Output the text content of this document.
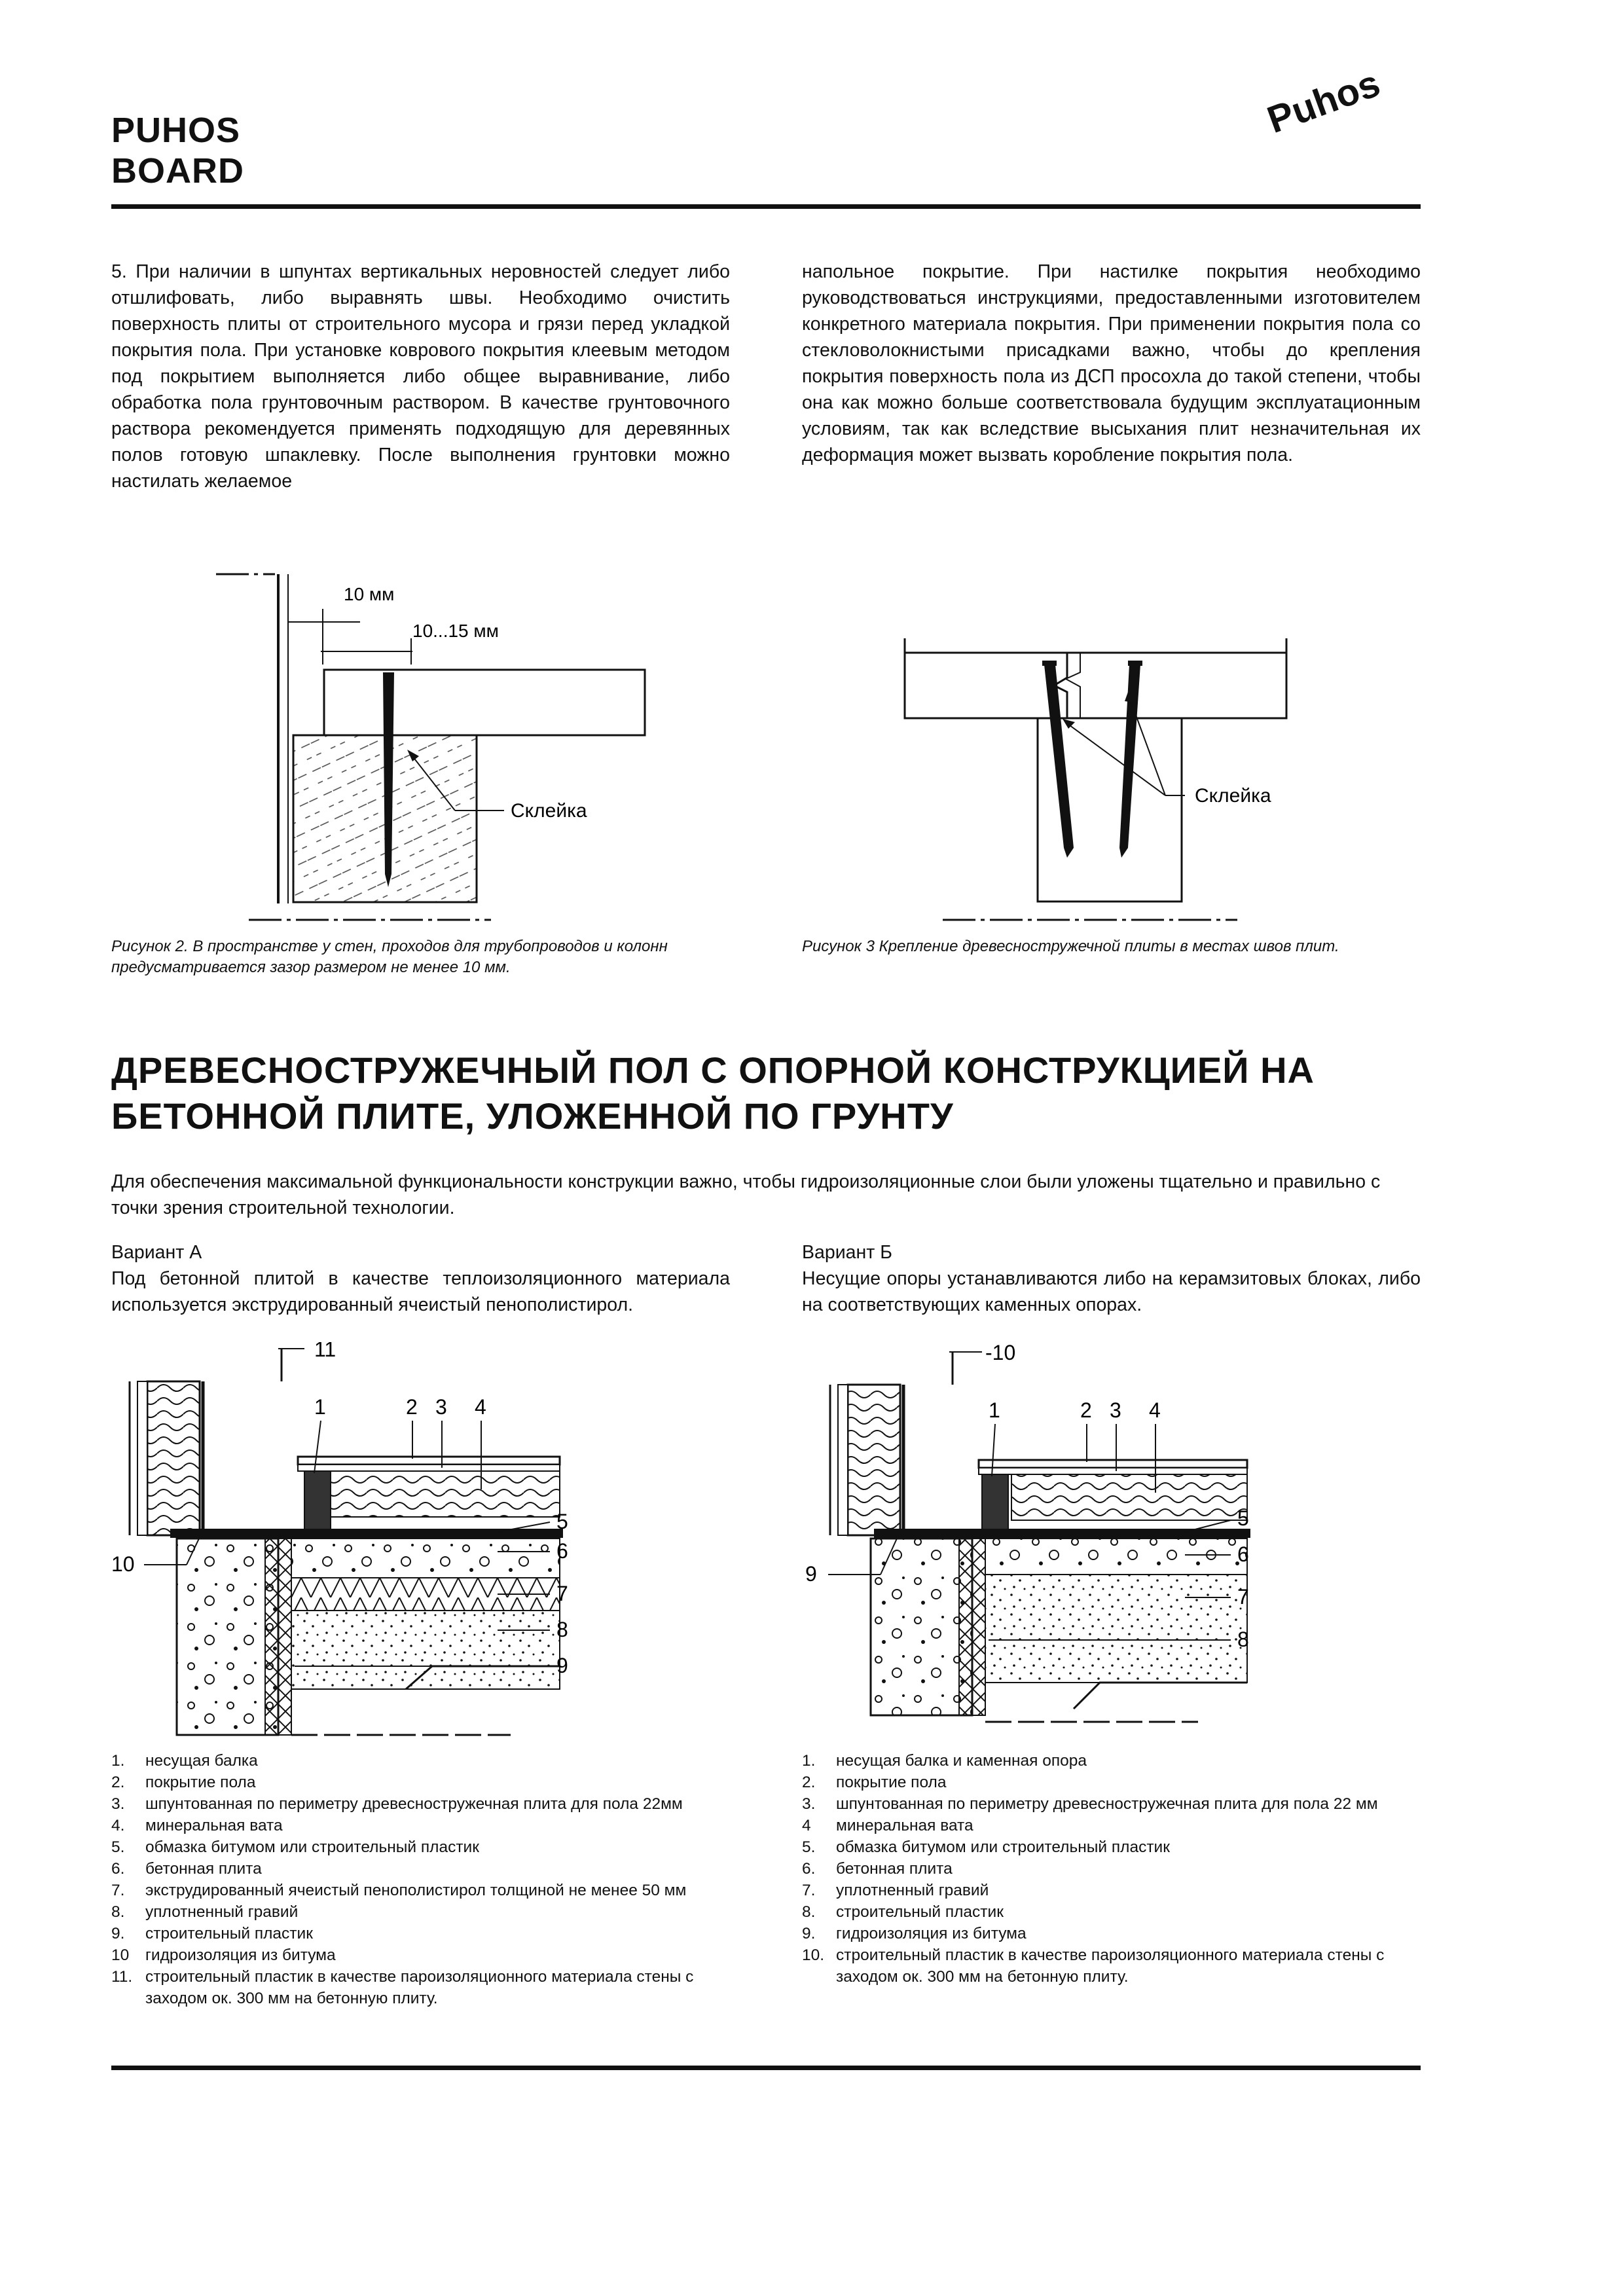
PUHOS
BOARD
Puhos
5. При наличии в шпунтах вертикальных неровностей следует либо отшлифовать, либо выравнять швы. Необходимо очистить поверхность плиты от строительного мусора и грязи перед укладкой покрытия пола. При установке коврового покрытия клеевым методом под покрытием выполняется либо общее выравнивание, либо обработка пола грунтовочным раствором. В качестве грунтовочного раствора рекомендуется применять подходящую для деревянных полов готовую шпаклевку. После выполнения грунтовки можно настилать желаемое
напольное покрытие. При настилке покрытия необходимо руководствоваться инструкциями, предоставленными изготовителем конкретного материала покрытия. При применении покрытия пола со стекловолокнистыми присадками важно, чтобы до крепления покрытия поверхность пола из ДСП просохла до такой степени, чтобы она как можно больше соответствовала будущим эксплуатационным условиям, так как вследствие высыхания плит незначительная их деформация может вызвать коробление покрытия пола.
10 мм
10...15 мм
Склейка
Рисунок 2. В пространстве у стен, проходов для трубопроводов и колонн предусматривается зазор размером не менее 10 мм.
Склейка
Рисунок 3 Крепление древесностружечной плиты в местах швов плит.
ДРЕВЕСНОСТРУЖЕЧНЫЙ ПОЛ С ОПОРНОЙ КОНСТРУКЦИЕЙ НА
БЕТОННОЙ ПЛИТЕ, УЛОЖЕННОЙ ПО ГРУНТУ
Для обеспечения максимальной функциональности конструкции важно, чтобы гидроизоляционные слои были уложены тщательно и правильно с точки зрения строительной технологии.
Вариант А
Под бетонной плитой в качестве теплоизоляционного материала используется экструдированный ячеистый пенополистирол.
11
1	2 3 4
5
6
7
8
9
10
1.	несущая балка
2.	покрытие пола
3.	шпунтованная по периметру древесностружечная плита для пола 22мм
4.	минеральная вата
5.	обмазка битумом или строительный пластик
6.	бетонная плита
7.	экструдированный ячеистый пенополистирол толщиной не менее 50 мм
8.	уплотненный гравий
9.	строительный пластик
10	гидроизоляция из битума
11. строительный пластик в качестве пароизоляционного материала стены с заходом ок. 300 мм на бетонную плиту.
Вариант Б
Несущие опоры устанавливаются либо на керамзитовых блоках, либо на соответствующих каменных опорах.
-10
1	2 3 4
5
6
7
8
9
1.	несущая балка и каменная опора
2.	покрытие пола
3.	шпунтованная по периметру древесностружечная плита для пола 22 мм
4	минеральная вата
5.	обмазка битумом или строительный пластик
6.	бетонная плита
7.	уплотненный гравий
8.	строительный пластик
9.	гидроизоляция из битума
10. строительный пластик в качестве пароизоляционного материала стены с заходом ок. 300 мм на бетонную плиту.
